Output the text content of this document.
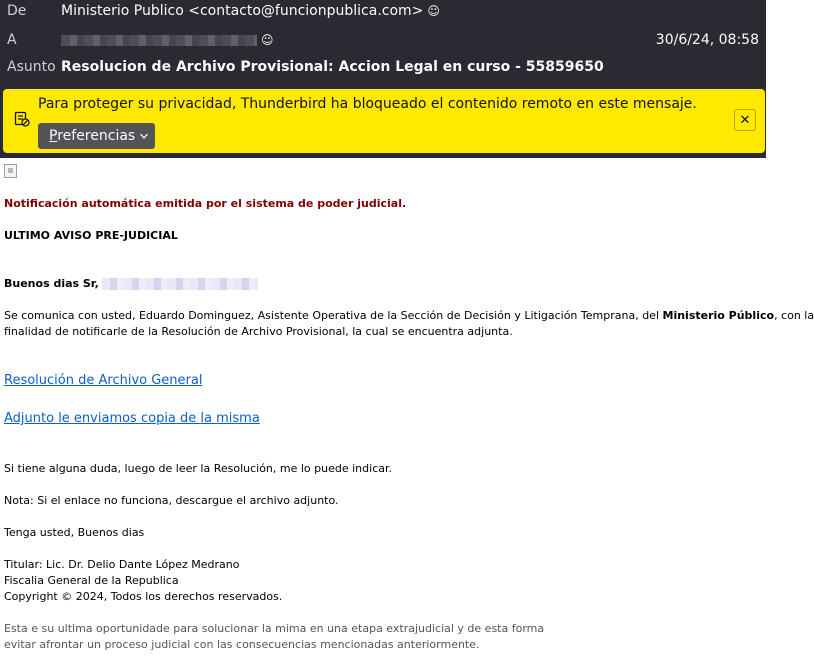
De Ministerio Publico <contacto@funcionpublica.com> ☺
A	☺	30/6/24, 08:58
Asunto Resolucion de Archivo Provisional: Accion Legal en curso - 55859650
Para proteger su privacidad, Thunderbird ha bloqueado el contenido remoto en este mensaje.
Preferencias
✕
Notificación automática emitida por el sistema de poder judicial.
ULTIMO AVISO PRE-JUDICIAL
Buenos dias Sr,
Se comunica con usted, Eduardo Dominguez, Asistente Operativa de la Sección de Decisión y Litigación Temprana, del Ministerio Público, con la
finalidad de notificarle de la Resolución de Archivo Provisional, la cual se encuentra adjunta.
Resolución de Archivo General
Adjunto le enviamos copia de la misma
Si tiene alguna duda, luego de leer la Resolución, me lo puede indicar.
Nota: Si el enlace no funciona, descargue el archivo adjunto.
Tenga usted, Buenos dias
Titular: Lic. Dr. Delio Dante López Medrano
Fiscalia General de la Republica
Copyright © 2024, Todos los derechos reservados.
Esta e su ultima oportunidade para solucionar la mima en una etapa extrajudicial y de esta forma
evitar afrontar un proceso judicial con las consecuencias mencionadas anteriormente.
